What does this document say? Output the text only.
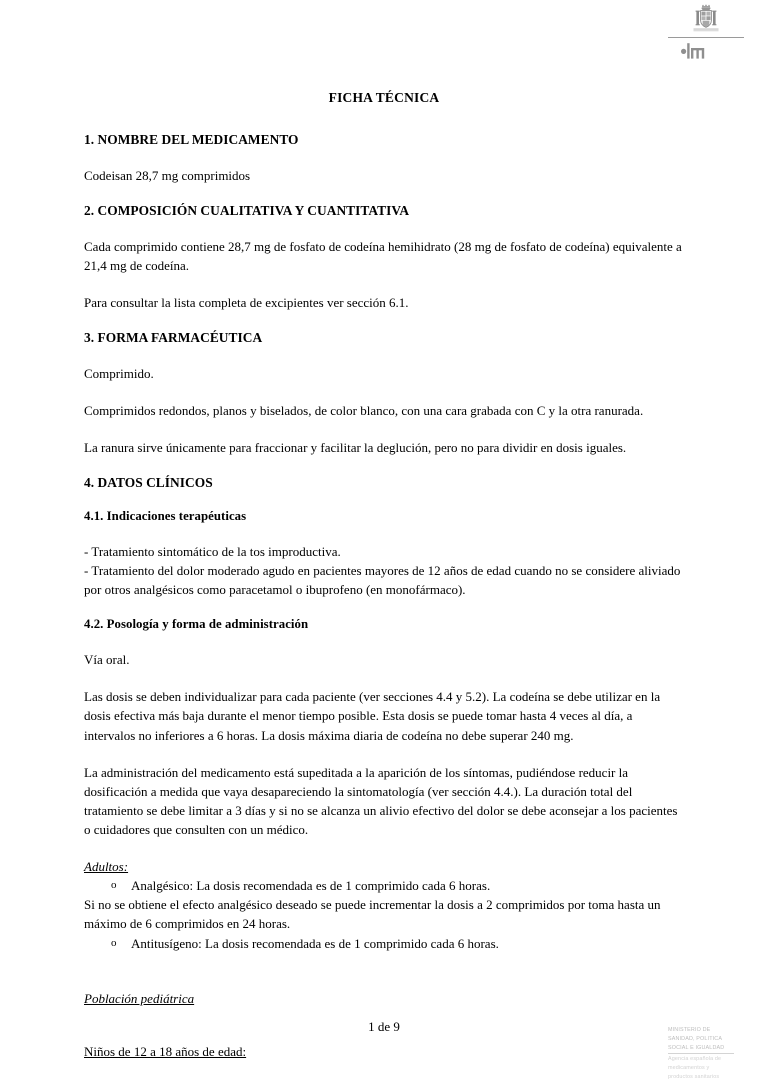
FICHA TÉCNICA
1. NOMBRE DEL MEDICAMENTO

Codeisan 28,7 mg comprimidos

2. COMPOSICIÓN CUALITATIVA Y CUANTITATIVA

Cada comprimido contiene 28,7 mg de fosfato de codeína hemihidrato (28 mg de fosfato de codeína) equivalente a 21,4 mg de codeína.

Para consultar la lista completa de excipientes ver sección 6.1.

3. FORMA FARMACÉUTICA

Comprimido.

Comprimidos redondos, planos y biselados, de color blanco, con una cara grabada con C y la otra ranurada.

La ranura sirve únicamente para fraccionar y facilitar la deglución, pero no para dividir en dosis iguales.

4. DATOS CLÍNICOS
4.1. Indicaciones terapéuticas

- Tratamiento sintomático de la tos improductiva.

- Tratamiento del dolor moderado agudo en pacientes mayores de 12 años de edad cuando no se considere aliviado por otros analgésicos como paracetamol o ibuprofeno (en monofármaco).

4.2. Posología y forma de administración

Vía oral.

Las dosis se deben individualizar para cada paciente (ver secciones 4.4 y 5.2). La codeína se debe utilizar en la dosis efectiva más baja durante el menor tiempo posible. Esta dosis se puede tomar hasta 4 veces al día, a intervalos no inferiores a 6 horas. La dosis máxima diaria de codeína no debe superar 240 mg.

La administración del medicamento está supeditada a la aparición de los síntomas, pudiéndose reducir la dosificación a medida que vaya desapareciendo la sintomatología (ver sección 4.4.). La duración total del tratamiento se debe limitar a 3 días y si no se alcanza un alivio efectivo del dolor se debe aconsejar a los pacientes o cuidadores que consulten con un médico.

Adultos:

o Analgésico: La dosis recomendada es de 1 comprimido cada 6 horas.

Si no se obtiene el efecto analgésico deseado se puede incrementar la dosis a 2 comprimidos por toma hasta un máximo de 6 comprimidos en 24 horas.

o Antitusígeno: La dosis recomendada es de 1 comprimido cada 6 horas.

Población pediátrica

Niños de 12 a 18 años de edad:

1 de 9	MINISTERIO DE
SANIDAD, POLITICA
SOCIAL E IGUALDAD
Agencia española de
medicamentos y
productos sanitarios
